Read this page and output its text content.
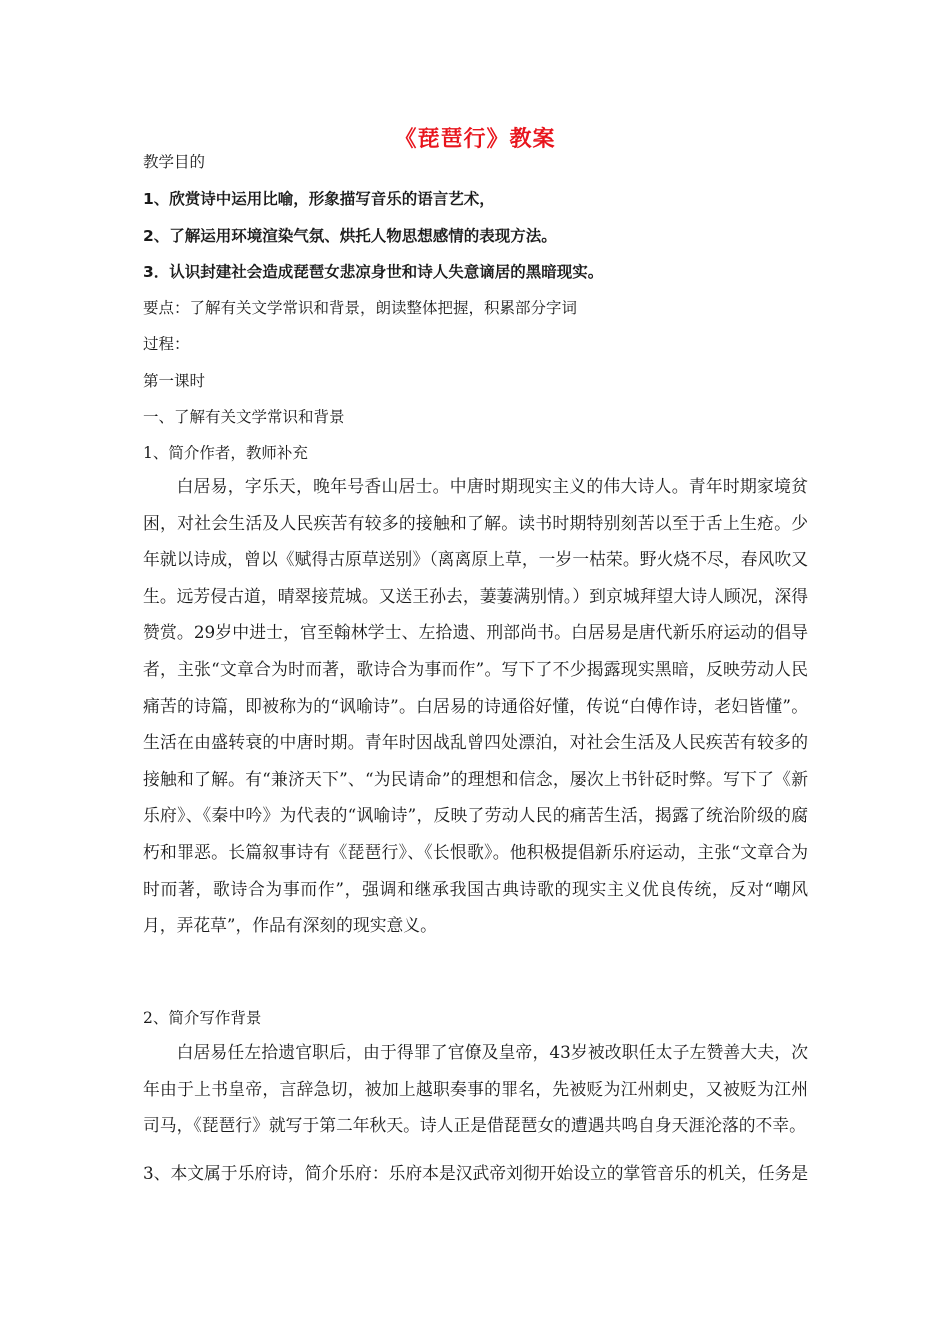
《琵琶行》教案
教学目的
1、欣赏诗中运用比喻，形象描写音乐的语言艺术，
2、了解运用环境渲染气氛、烘托人物思想感情的表现方法。
3．认识封建社会造成琵琶女悲凉身世和诗人失意谪居的黑暗现实。
要点：了解有关文学常识和背景，朗读整体把握，积累部分字词
过程：
第一课时
一、了解有关文学常识和背景
1、简介作者，教师补充
白居易，字乐天，晚年号香山居士。中唐时期现实主义的伟大诗人。青年时期家境贫困，对社会生活及人民疾苦有较多的接触和了解。读书时期特别刻苦以至于舌上生疮。少年就以诗成，曾以《赋得古原草送别》（离离原上草，一岁一枯荣。野火烧不尽，春风吹又生。远芳侵古道，晴翠接荒城。又送王孙去，萋萋满别情。）到京城拜望大诗人顾况，深得赞赏。29岁中进士，官至翰林学士、左拾遗、刑部尚书。白居易是唐代新乐府运动的倡导者，主张“文章合为时而著，歌诗合为事而作”。写下了不少揭露现实黑暗，反映劳动人民痛苦的诗篇，即被称为的“讽喻诗”。白居易的诗通俗好懂，传说“白傅作诗，老妇皆懂”。生活在由盛转衰的中唐时期。青年时因战乱曾四处漂泊，对社会生活及人民疾苦有较多的接触和了解。有“兼济天下”、“为民请命”的理想和信念，屡次上书针砭时弊。写下了《新乐府》、《秦中吟》为代表的“讽喻诗”，反映了劳动人民的痛苦生活，揭露了统治阶级的腐朽和罪恶。长篇叙事诗有《琵琶行》、《长恨歌》。他积极提倡新乐府运动，主张“文章合为时而著，歌诗合为事而作”，强调和继承我国古典诗歌的现实主义优良传统，反对“嘲风月，弄花草”，作品有深刻的现实意义。
2、简介写作背景
白居易任左拾遗官职后，由于得罪了官僚及皇帝，43岁被改职任太子左赞善大夫，次年由于上书皇帝，言辞急切，被加上越职奏事的罪名，先被贬为江州刺史，又被贬为江州司马，《琵琶行》就写于第二年秋天。诗人正是借琵琶女的遭遇共鸣自身天涯沦落的不幸。
3、本文属于乐府诗，简介乐府：乐府本是汉武帝刘彻开始设立的掌管音乐的机关，任务是
